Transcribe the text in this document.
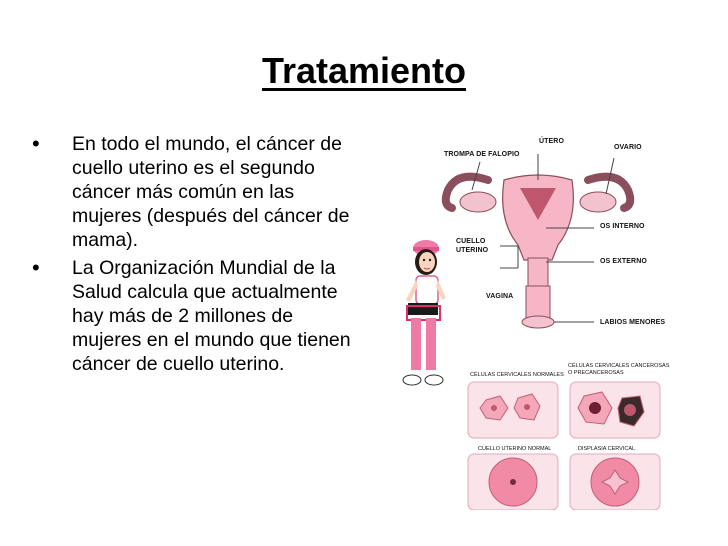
Tratamiento
• En todo el mundo, el cáncer de cuello uterino es el segundo cáncer más común en las mujeres (después del cáncer de mama).
• La Organización Mundial de la Salud calcula que actualmente hay más de 2 millones de mujeres en el mundo que tienen cáncer de cuello uterino.
TROMPA DE FALOPIO
ÚTERO
OVARIO
CUELLO
UTERINO
OS INTERNO
OS EXTERNO
VAGINA
LABIOS MENORES
CÉLULAS CERVICALES NORMALES
CÉLULAS CERVICALES CANCEROSAS
O PRECANCEROSAS
CUELLO UTERINO NORMAL	DISPLASIA CERVICAL
